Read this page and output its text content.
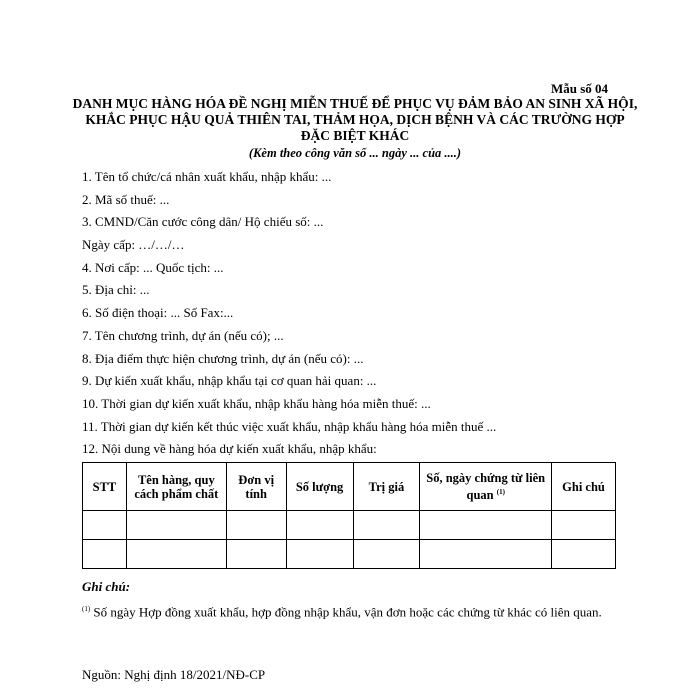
Mẫu số 04
DANH MỤC HÀNG HÓA ĐỀ NGHỊ MIỄN THUẾ ĐỂ PHỤC VỤ ĐẢM BẢO AN SINH XÃ HỘI, KHẮC PHỤC HẬU QUẢ THIÊN TAI, THẢM HỌA, DỊCH BỆNH VÀ CÁC TRƯỜNG HỢP ĐẶC BIỆT KHÁC
(Kèm theo công văn số ... ngày ... của ....)
1. Tên tổ chức/cá nhân xuất khẩu, nhập khẩu: ...
2. Mã số thuế: ...
3. CMND/Căn cước công dân/ Hộ chiếu số: ...
Ngày cấp: …/…/…
4. Nơi cấp: ... Quốc tịch: ...
5. Địa chỉ: ...
6. Số điện thoại: ... Số Fax:...
7. Tên chương trình, dự án (nếu có); ...
8. Địa điểm thực hiện chương trình, dự án (nếu có): ...
9. Dự kiến xuất khẩu, nhập khẩu tại cơ quan hải quan: ...
10. Thời gian dự kiến xuất khẩu, nhập khẩu hàng hóa miễn thuế: ...
11. Thời gian dự kiến kết thúc việc xuất khẩu, nhập khẩu hàng hóa miễn thuế ...
12. Nội dung về hàng hóa dự kiến xuất khẩu, nhập khẩu:
STT	Tên hàng, quy cách phẩm chất	Đơn vị tính	Số lượng	Trị giá	Số, ngày chứng từ liên quan $^{(1)}$	Ghi chú

Ghi chú:
$^{(1)}$ Số ngày Hợp đồng xuất khẩu, hợp đồng nhập khẩu, vận đơn hoặc các chứng từ khác có liên quan.
Nguồn: Nghị định 18/2021/NĐ-CP
